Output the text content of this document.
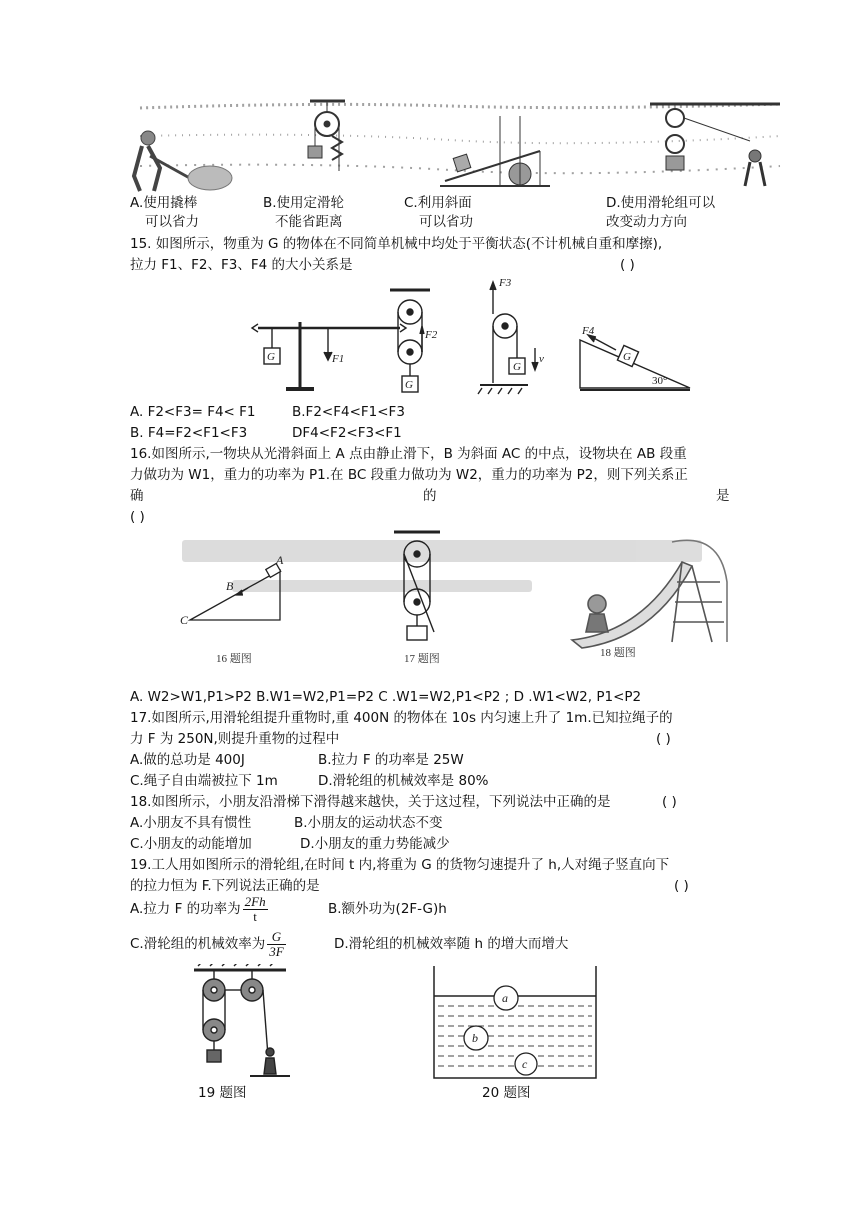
A.使用撬棒
可以省力
B.使用定滑轮
不能省距离
C.利用斜面
可以省功
D.使用滑轮组可以
改变动力方向
15. 如图所示，物重为 G 的物体在不同简单机械中均处于平衡状态(不计机械自重和摩擦),
拉力 F1、F2、F3、F4 的大小关系是	( )
G	F1
F2
G
F3
G
v
F4
G
30°
A. F2<F3= F4< F1	B.F2<F4<F1<F3
B. F4=F2<F1<F3	DF4<F2<F3<F1
16.如图所示,一物块从光滑斜面上 A 点由静止滑下，B 为斜面 AC 的中点，设物块在 AB 段重
力做功为 W1，重力的功率为 P1.在 BC 段重力做功为 W2，重力的功率为 P2，则下列关系正
确	的	是
( )
A
B
C
16 题图	17 题图	18 题图
A. W2>W1,P1>P2 B.W1=W2,P1=P2 C .W1=W2,P1<P2 ; D .W1<W2, P1<P2
17.如图所示,用滑轮组提升重物时,重 400N 的物体在 10s 内匀速上升了 1m.已知拉绳子的
力 F 为 250N,则提升重物的过程中	( )
A.做的总功是 400J	B.拉力 F 的功率是 25W
C.绳子自由端被拉下 1m	D.滑轮组的机械效率是 80%
18.如图所示，小朋友沿滑梯下滑得越来越快，关于这过程，下列说法中正确的是	( )
A.小朋友不具有惯性	B.小朋友的运动状态不变
C.小朋友的动能增加	D.小朋友的重力势能减少
19.工人用如图所示的滑轮组,在时间 t 内,将重为 G 的货物匀速提升了 h,人对绳子竖直向下
的拉力恒为 F.下列说法正确的是	( )
A.拉力 F 的功率为 $\frac{2Fh}{t}$	B.额外功为(2F-G)h
C.滑轮组的机械效率为 $\frac{G}{3F}$	D.滑轮组的机械效率随 h 的增大而增大
19 题图
a
b
c
20 题图
